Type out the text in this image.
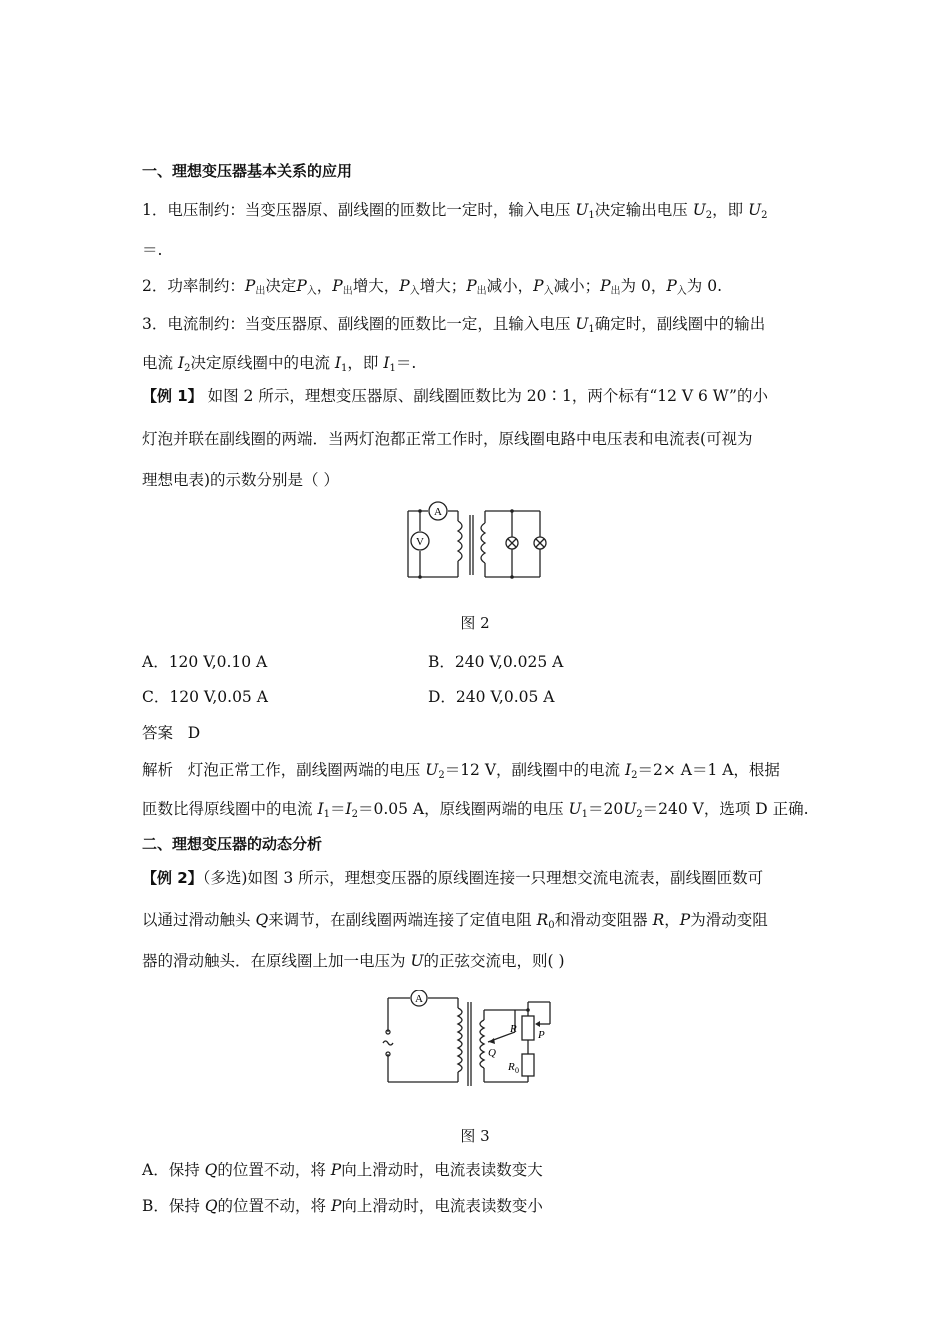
一、理想变压器基本关系的应用
1．电压制约：当变压器原、副线圈的匝数比一定时，输入电压 $U_1$决定输出电压 $U_2$，即 $U_2$
＝.
2．功率制约：$P_出$决定$P_入$，$P_出$增大，$P_入$增大；$P_出$减小，$P_入$减小；$P_出$为 0，$P_入$为 0.
3．电流制约：当变压器原、副线圈的匝数比一定，且输入电压 $U_1$确定时，副线圈中的输出
电流 $I_2$决定原线圈中的电流 $I_1$，即 $I_1=$.
【例 1】 如图 2 所示，理想变压器原、副线圈匝数比为 20∶1，两个标有“12 V 6 W”的小
灯泡并联在副线圈的两端．当两灯泡都正常工作时，原线圈电路中电压表和电流表(可视为
理想电表)的示数分别是（ ）
A
V
图 2
A．120 V,0.10 A	B．240 V,0.025 A
C．120 V,0.05 A	D．240 V,0.05 A
答案 D
解析 灯泡正常工作，副线圈两端的电压 $U_2=12$ V，副线圈中的电流 $I_2=2\times A=1$ A，根据
匝数比得原线圈中的电流 $I_1=I_2=0.05$ A，原线圈两端的电压 $U_1=20U_2=240$ V，选项 D 正确.
二、理想变压器的动态分析
【例 2】（多选)如图 3 所示，理想变压器的原线圈连接一只理想交流电流表，副线圈匝数可
以通过滑动触头 Q来调节，在副线圈两端连接了定值电阻 $R_0$和滑动变阻器 R，P为滑动变阻
器的滑动触头．在原线圈上加一电压为 U的正弦交流电，则( )
A
R P
Q
R 0
图 3
A．保持 Q的位置不动，将 P向上滑动时，电流表读数变大
B．保持 Q的位置不动，将 P向上滑动时，电流表读数变小
